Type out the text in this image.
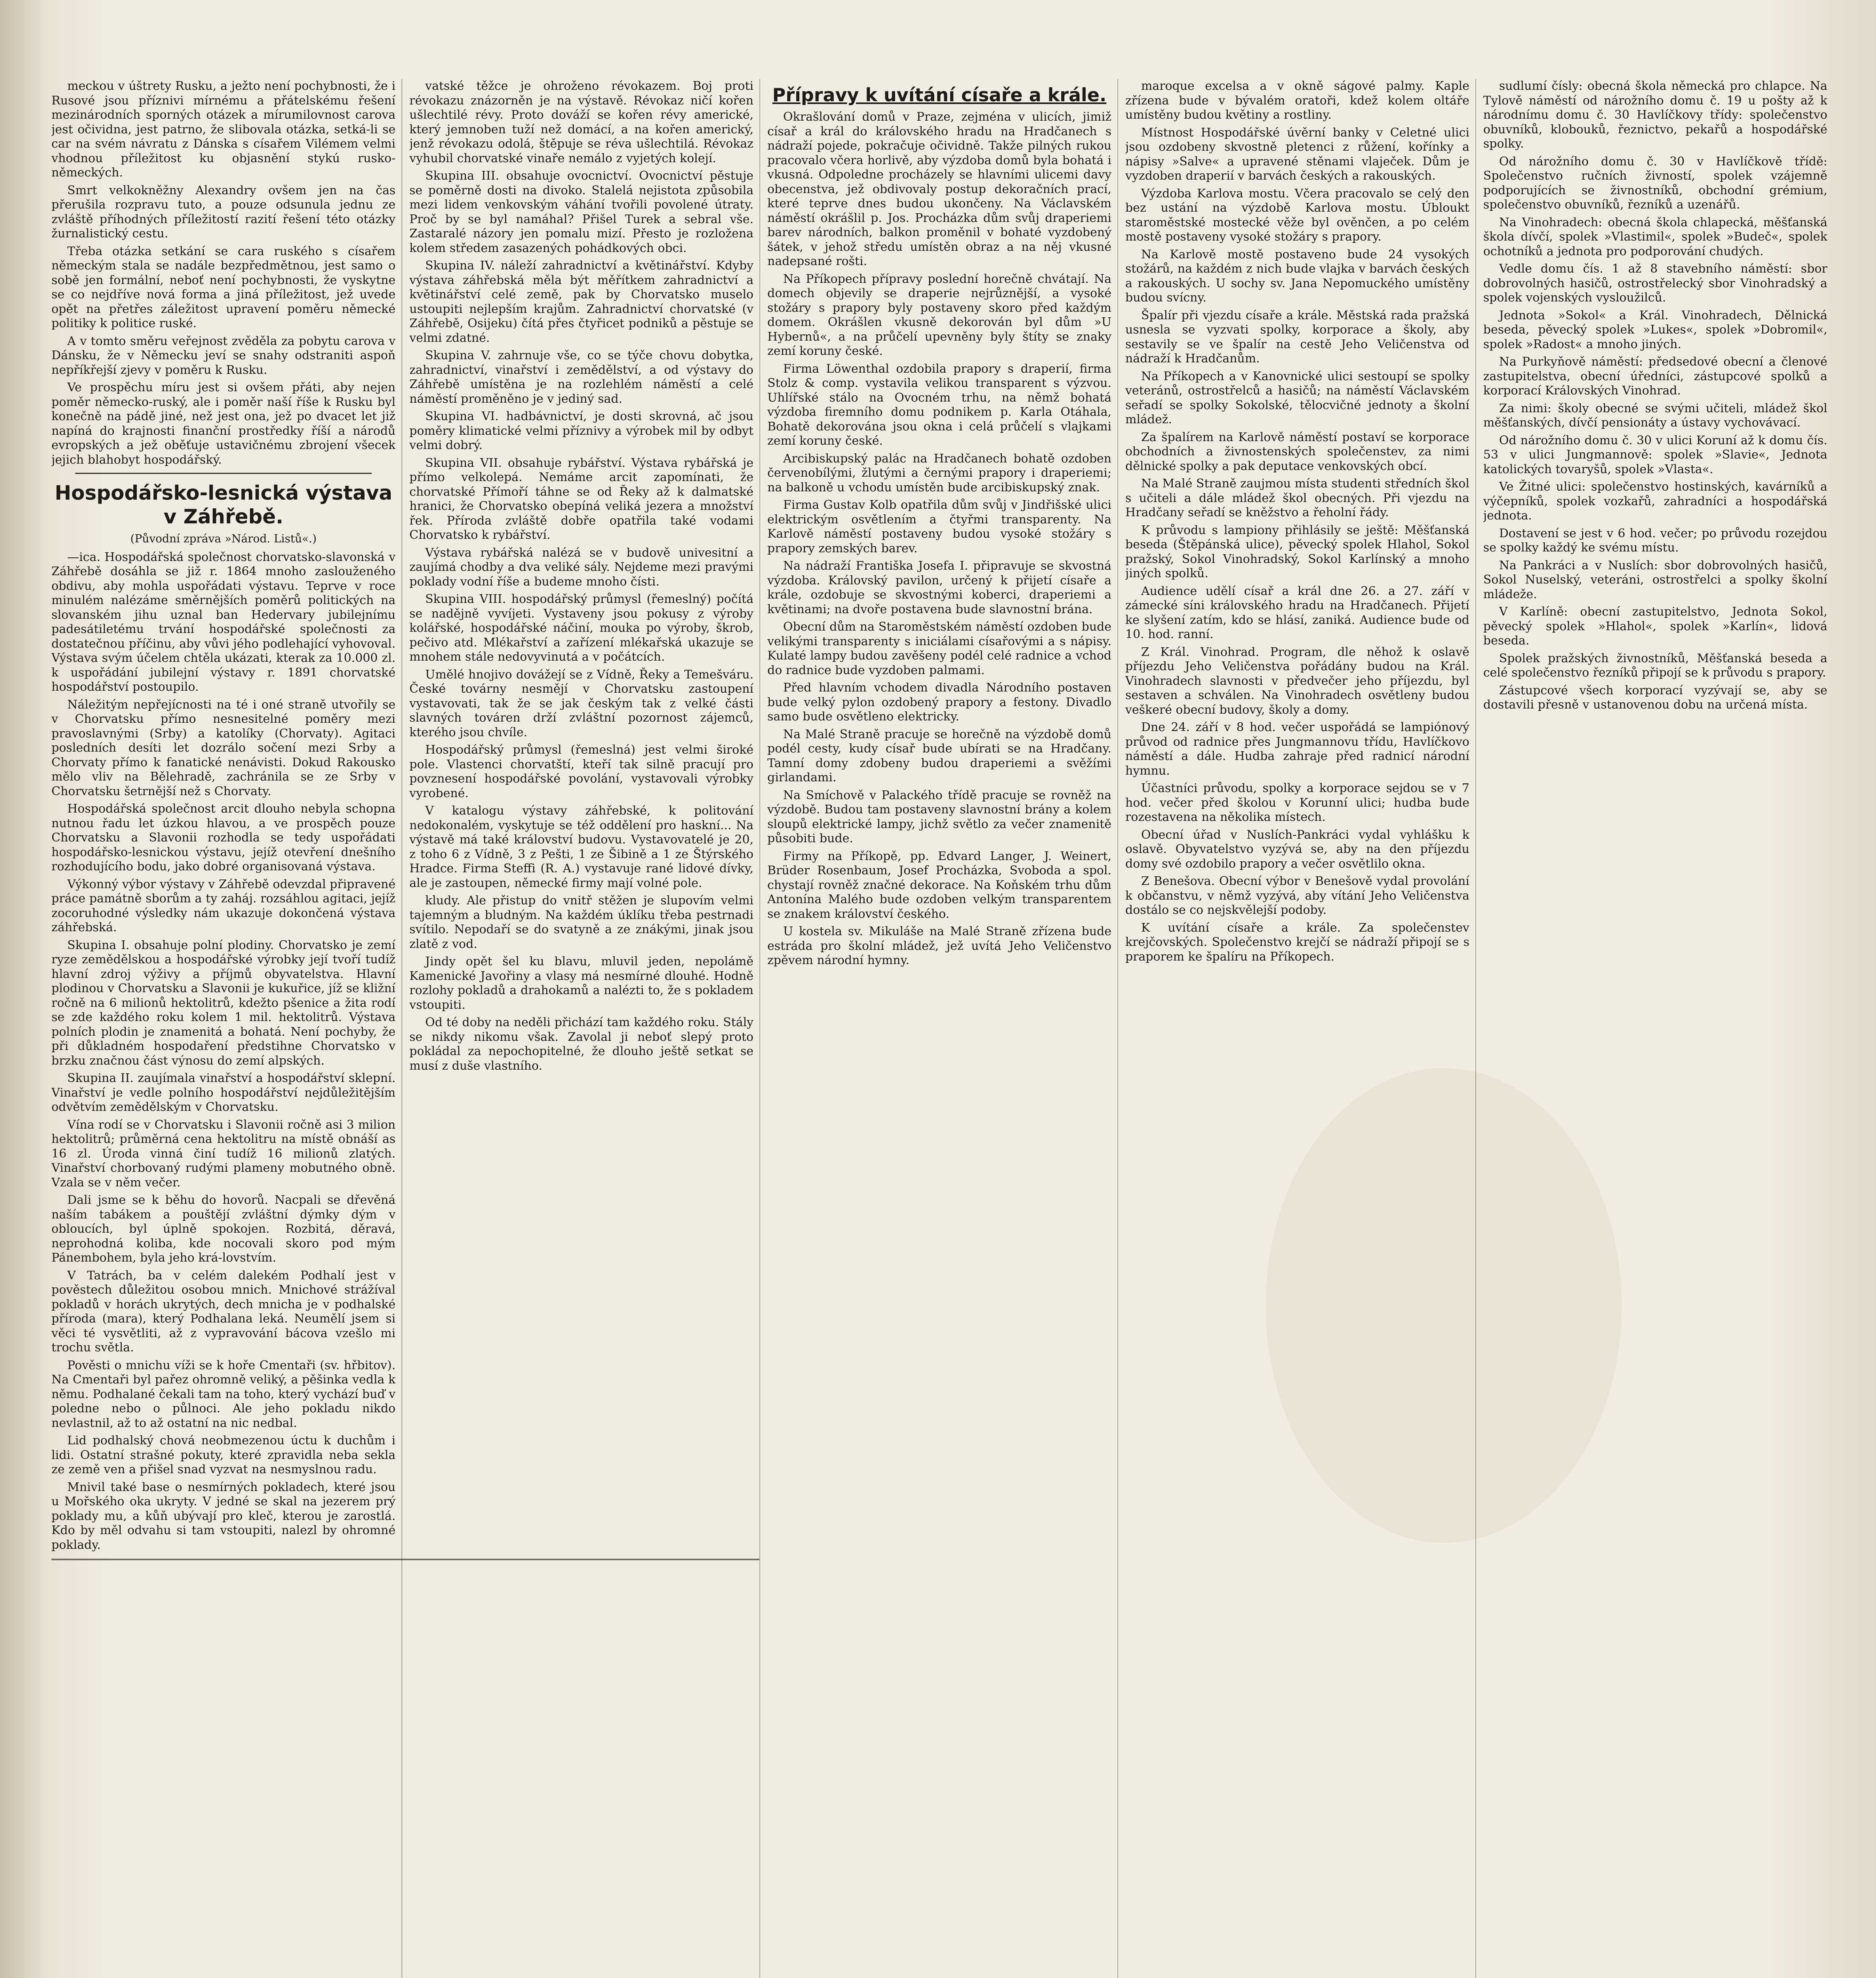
meckou v úštrety Rusku, a ježto není pochybnosti, že i Rusové jsou příznivi mírnému a přátelskému řešení mezinárodních sporných otázek a mírumilovnost carova jest očividna, jest patrno, že slibovala otázka, setká-li se car na svém návratu z Dánska s císařem Vilémem velmi vhodnou příležitost ku objasnění stykú rusko-německých.

Smrt velkokněžny Alexandry ovšem jen na čas přerušila rozpravu tuto, a pouze odsunula jednu ze zvláště příhodných příležitostí razití řešení této otázky žurnalistický cestu.

Třeba otázka setkání se cara ruského s císařem německým stala se nadále bezpředmětnou, jest samo o sobě jen formální, neboť není pochybnosti, že vyskytne se co nejdříve nová forma a jiná příležitost, jež uvede opět na přetřes záležitost upravení poměru německé politiky k politice ruské.

A v tomto směru veřejnost zvěděla za pobytu carova v Dánsku, že v Německu jeví se snahy odstraniti aspoň nepříkřejší zjevy v poměru k Rusku.

Ve prospěchu míru jest si ovšem přáti, aby nejen poměr německo-ruský, ale i poměr naší říše k Rusku byl konečně na pádě jiné, než jest ona, jež po dvacet let již napíná do krajnosti finanční prostředky říší a národů evropských a jež oběťuje ustavičnému zbrojení všecek jejich blahobyt hospodářský.

Hospodářsko-lesnická výstava v Záhřebě.
(Původní zpráva »Národ. Listů«.)

—ica. Hospodářská společnost chorvatsko-slavonská v Záhřebě dosáhla se již r. 1864 mnoho zaslouženého obdivu, aby mohla uspořádati výstavu. Teprve v roce minulém nalézáme směrnějších poměrů politických na slovanském jihu uznal ban Hedervary jubilejnímu padesátiletému trvání hospodářské společnosti za dostatečnou příčinu, aby vůvi jého podlehající vyhovoval. Výstava svým účelem chtěla ukázati, kterak za 10.000 zl. k uspořádání jubilejní výstavy r. 1891 chorvatské hospodářství postoupilo.

Náležitým nepřejícnosti na té i oné straně utvořily se v Chorvatsku přímo nesnesitelné poměry mezi pravoslavnými (Srby) a katolíky (Chorvaty). Agitaci posledních desíti let dozrálo sočení mezi Srby a Chorvaty přímo k fanatické nenávisti. Dokud Rakousko mělo vliv na Bělehradě, zachránila se ze Srby v Chorvatsku šetrnější než s Chorvaty.

Hospodářská společnost arcit dlouho nebyla schopna nutnou řadu let úzkou hlavou, a ve prospěch pouze Chorvatsku a Slavonii rozhodla se tedy uspořádati hospodářsko-lesnickou výstavu, jejíž otevření dnešního rozhodujícího bodu, jako dobré organisovaná výstava.

Výkonný výbor výstavy v Záhřebě odevzdal připravené práce památně sborům a ty zaháj. rozsáhlou agitaci, jejíž zocoruhodné výsledky nám ukazuje dokončená výstava záhřebská.

Skupina I. obsahuje polní plodiny. Chorvatsko je zemí ryze zemědělskou a hospodářské výrobky její tvoří tudíž hlavní zdroj výživy a příjmů obyvatelstva. Hlavní plodinou v Chorvatsku a Slavonii je kukuřice, jíž se kližní ročně na 6 milionů hektolitrů, kdežto pšenice a žita rodí se zde každého roku kolem 1 mil. hektolitrů. Výstava polních plodin je znamenitá a bohatá. Není pochyby, že při důkladném hospodaření předstihne Chorvatsko v brzku značnou část výnosu do zemí alpských.

Skupina II. zaujímala vinařství a hospodářství sklepní. Vinařství je vedle polního hospodářství nejdůležitějším odvětvím zemědělským v Chorvatsku.

Vína rodí se v Chorvatsku i Slavonii ročně asi 3 milion hektolitrů; průměrná cena hektolitru na místě obnáší as 16 zl. Úroda vinná činí tudíž 16 milionů zlatých. Vinařství chorbovaný rudými plameny mobutného obně. Vzala se v něm večer.

Dali jsme se k běhu do hovorů. Nacpali se dřevěná naším tabákem a pouštějí zvláštní dýmky dým v obloucích, byl úplně spokojen. Rozbitá, děravá, neprohodná koliba, kde nocovali skoro pod mým Pánembohem, byla jeho krá-lovstvím.

V Tatrách, ba v celém dalekém Podhalí jest v pověstech důležitou osobou mnich. Mnichové strážíval pokladů v horách ukrytých, dech mnicha je v podhalské příroda (mara), který Podhalana leká. Neumělí jsem si věci té vysvětliti, až z vypravování bácova vzešlo mi trochu světla.

Pověsti o mnichu víži se k hoře Cmentaři (sv. hřbitov). Na Cmentaři byl pařez ohromně veliký, a pěšinka vedla k němu. Podhalané čekali tam na toho, který vychází buď v poledne nebo o půlnoci. Ale jeho pokladu nikdo nevlastnil, až to až ostatní na nic nedbal.

Lid podhalský chová neobmezenou úctu k duchům i lidi. Ostatní strašné pokuty, které zpravidla neba sekla ze země ven a přišel snad vyzvat na nesmyslnou radu.

Mnivil také base o nesmírných pokladech, které jsou u Mořského oka ukryty. V jedné se skal na jezerem prý poklady mu, a kůň ubývají pro kleč, kterou je zarostlá. Kdo by měl odvahu si tam vstoupiti, nalezl by ohromné poklady.

vatské těžce je ohroženo révokazem. Boj proti révokazu znázorněn je na výstavě. Révokaz ničí kořen ušlechtilé révy. Proto dováží se kořen révy americké, který jemnoben tuží než domácí, a na kořen americký, jenž révokazu odolá, štěpuje se réva ušlechtilá. Révokaz vyhubil chorvatské vinaře nemálo z vyjetých kolejí.

Skupina III. obsahuje ovocnictví. Ovocnictví pěstuje se poměrně dosti na divoko. Stalelá nejistota způsobila mezi lidem venkovským váhání tvořili povolené útraty. Proč by se byl namáhal? Přišel Turek a sebral vše. Zastaralé názory jen pomalu mizí. Přesto je rozložena kolem středem zasazených pohádkových obci.

Skupina IV. náleží zahradnictví a květinářství. Kdyby výstava záhřebská měla být měřítkem zahradnictví a květinářství celé země, pak by Chorvatsko muselo ustoupiti nejlepším krajům. Zahradnictví chorvatské (v Záhřebě, Osijeku) čítá přes čtyřicet podniků a pěstuje se velmi zdatné.

Skupina V. zahrnuje vše, co se týče chovu dobytka, zahradnictví, vinařství i zemědělství, a od výstavy do Záhřebě umístěna je na rozlehlém náměstí a celé náměstí proměněno je v jediný sad.

Skupina VI. hadbávnictví, je dosti skrovná, ač jsou poměry klimatické velmi příznivy a výrobek mil by odbyt velmi dobrý.

Skupina VII. obsahuje rybářství. Výstava rybářská je přímo velkolepá. Nemáme arcit zapomínati, že chorvatské Přímoří táhne se od Řeky až k dalmatské hranici, že Chorvatsko obepíná veliká jezera a množství řek. Příroda zvláště dobře opatřila také vodami Chorvatsko k rybářství.

Výstava rybářská nalézá se v budově univesitní a zaujímá chodby a dva veliké sály. Nejdeme mezi pravými poklady vodní říše a budeme mnoho čísti.

Skupina VIII. hospodářský průmysl (řemeslný) počítá se nadějně vyvíjeti. Vystaveny jsou pokusy z výroby kolářské, hospodářské náčiní, mouka po výroby, škrob, pečivo atd. Mlékařství a zařízení mlékařská ukazuje se mnohem stále nedovyvinutá a v počátcích.

Umělé hnojivo dovážejí se z Vídně, Řeky a Temešváru. České továrny nesmějí v Chorvatsku zastoupení vystavovati, tak že se jak českým tak z velké části slavných továren drží zvláštní pozornost zájemců, kterého jsou chvíle.

Hospodářský průmysl (řemeslná) jest velmi široké pole. Vlastenci chorvatští, kteří tak silně pracují pro povznesení hospodářské povolání, vystavovali výrobky vyrobené.

V katalogu výstavy záhřebské, k politování nedokonalém, vyskytuje se též oddělení pro haskní... Na výstavě má také království budovu. Vystavovatelé je 20, z toho 6 z Vídně, 3 z Pešti, 1 ze Šibině a 1 ze Štýrského Hradce. Firma Steffi (R. A.) vystavuje rané lidové dívky, ale je zastoupen, německé firmy mají volné pole.

kludy. Ale přistup do vnitř stěžen je slupovím velmi tajemným a bludným. Na každém úklíku třeba pestrnadi svítilo. Nepodaří se do svatyně a ze znákými, jinak jsou zlatě z vod.

Jindy opět šel ku blavu, mluvil jeden, nepolámě Kamenické Javořiny a vlasy má nesmírné dlouhé. Hodně rozlohy pokladů a drahokamů a nalézti to, že s pokladem vstoupiti.

Od té doby na neděli přichází tam každého roku. Stály se nikdy nikomu však. Zavolal ji neboť slepý proto pokládal za nepochopitelné, že dlouho ještě setkat se musí z duše vlastního.

Přípravy k uvítání císaře a krále.

Okrašlování domů v Praze, zejména v ulicích, jimiž císař a král do královského hradu na Hradčanech s nádraží pojede, pokračuje očividně. Takže pilných rukou pracovalo včera horlivě, aby výzdoba domů byla bohatá i vkusná. Odpoledne procházely se hlavními ulicemi davy obecenstva, jež obdivovaly postup dekoračních prací, které teprve dnes budou ukončeny. Na Václavském náměstí okrášlil p. Jos. Procházka dům svůj draperiemi barev národních, balkon proměnil v bohaté vyzdobený šátek, v jehož středu umístěn obraz a na něj vkusné nadepsané rošti.

Na Příkopech přípravy poslední horečně chvátají. Na domech objevily se draperie nejrůznější, a vysoké stožáry s prapory byly postaveny skoro před každým domem. Okrášlen vkusně dekorován byl dům »U Hybernů«, a na průčelí upevněny byly štíty se znaky zemí koruny české.

Firma Löwenthal ozdobila prapory s draperií, firma Stolz & comp. vystavila velikou transparent s výzvou. Uhlířské stálo na Ovocném trhu, na němž bohatá výzdoba firemního domu podnikem p. Karla Otáhala, Bohatě dekorována jsou okna i celá průčelí s vlajkami zemí koruny české.

Arcibiskupský palác na Hradčanech bohatě ozdoben červenobílými, žlutými a černými prapory i draperiemi; na balkoně u vchodu umístěn bude arcibiskupský znak.

Firma Gustav Kolb opatřila dům svůj v Jindřišské ulici elektrickým osvětlením a čtyřmi transparenty. Na Karlově náměstí postaveny budou vysoké stožáry s prapory zemských barev.

Na nádraží Františka Josefa I. připravuje se skvostná výzdoba. Královský pavilon, určený k přijetí císaře a krále, ozdobuje se skvostnými koberci, draperiemi a květinami; na dvoře postavena bude slavnostní brána.

Obecní dům na Staroměstském náměstí ozdoben bude velikými transparenty s iniciálami císařovými a s nápisy. Kulaté lampy budou zavěšeny podél celé radnice a vchod do radnice bude vyzdoben palmami.

Před hlavním vchodem divadla Národního postaven bude velký pylon ozdobený prapory a festony. Divadlo samo bude osvětleno elektricky.

Na Malé Straně pracuje se horečně na výzdobě domů podél cesty, kudy císař bude ubírati se na Hradčany. Tamní domy zdobeny budou draperiemi a svěžími girlandami.

Na Smíchově v Palackého třídě pracuje se rovněž na výzdobě. Budou tam postaveny slavnostní brány a kolem sloupů elektrické lampy, jichž světlo za večer znamenitě působiti bude.

Firmy na Příkopě, pp. Edvard Langer, J. Weinert, Brüder Rosenbaum, Josef Procházka, Svoboda a spol. chystají rovněž značné dekorace. Na Koňském trhu dům Antonína Malého bude ozdoben velkým transparentem se znakem království českého.

U kostela sv. Mikuláše na Malé Straně zřízena bude estráda pro školní mládež, jež uvítá Jeho Veličenstvo zpěvem národní hymny.

maroque excelsa a v okně ságové palmy. Kaple zřízena bude v bývalém oratoři, kdež kolem oltáře umístěny budou květiny a rostliny.

Místnost Hospodářské úvěrní banky v Celetné ulici jsou ozdobeny skvostně pletenci z růžení, kořínky a nápisy »Salve« a upravené stěnami vlaječek. Dům je vyzdoben draperií v barvách českých a rakouských.

Výzdoba Karlova mostu. Včera pracovalo se celý den bez ustání na výzdobě Karlova mostu. Úbloukt staroměstské mostecké věže byl ověnčen, a po celém mostě postaveny vysoké stožáry s prapory.

Na Karlově mostě postaveno bude 24 vysokých stožárů, na každém z nich bude vlajka v barvách českých a rakouských. U sochy sv. Jana Nepomuckého umístěny budou svícny.

Špalír při vjezdu císaře a krále. Městská rada pražská usnesla se vyzvati spolky, korporace a školy, aby sestavily se ve špalír na cestě Jeho Veličenstva od nádraží k Hradčanům.

Na Příkopech a v Kanovnické ulici sestoupí se spolky veteránů, ostrostřelců a hasičů; na náměstí Václavském seřadí se spolky Sokolské, tělocvičné jednoty a školní mládež.

Za špalírem na Karlově náměstí postaví se korporace obchodních a živnostenských společenstev, za nimi dělnické spolky a pak deputace venkovských obcí.

Na Malé Straně zaujmou místa studenti středních škol s učiteli a dále mládež škol obecných. Při vjezdu na Hradčany seřadí se kněžstvo a řeholní řády.

K průvodu s lampiony přihlásily se ještě: Měšťanská beseda (Štěpánská ulice), pěvecký spolek Hlahol, Sokol pražský, Sokol Vinohradský, Sokol Karlínský a mnoho jiných spolků.

Audience udělí císař a král dne 26. a 27. září v zámecké síni královského hradu na Hradčanech. Přijetí ke slyšení zatím, kdo se hlásí, zaniká. Audience bude od 10. hod. ranní.

Z Král. Vinohrad. Program, dle něhož k oslavě příjezdu Jeho Veličenstva pořádány budou na Král. Vinohradech slavnosti v předvečer jeho příjezdu, byl sestaven a schválen. Na Vinohradech osvětleny budou veškeré obecní budovy, školy a domy.

Dne 24. září v 8 hod. večer uspořádá se lampiónový průvod od radnice přes Jungmannovu třídu, Havlíčkovo náměstí a dále. Hudba zahraje před radnicí národní hymnu.

Účastníci průvodu, spolky a korporace sejdou se v 7 hod. večer před školou v Korunní ulici; hudba bude rozestavena na několika místech.

Obecní úřad v Nuslích-Pankráci vydal vyhlášku k oslavě. Obyvatelstvo vyzývá se, aby na den příjezdu domy své ozdobilo prapory a večer osvětlilo okna.

Z Benešova. Obecní výbor v Benešově vydal provolání k občanstvu, v němž vyzývá, aby vítání Jeho Veličenstva dostálo se co nejskvělejší podoby.

K uvítání císaře a krále. Za společenstev krejčovských. Společenstvo krejčí se nádraží připojí se s praporem ke špalíru na Příkopech.

sudlumí čísly: obecná škola německá pro chlapce. Na Tylově náměstí od nárožního domu č. 19 u pošty až k národnímu domu č. 30 Havlíčkovy třídy: společenstvo obuvníků, klobouků, řeznictvo, pekařů a hospodářské spolky.

Od nárožního domu č. 30 v Havlíčkově třídě: Společenstvo ručních živností, spolek vzájemně podporujících se živnostníků, obchodní grémium, společenstvo obuvníků, řezníků a uzenářů.

Na Vinohradech: obecná škola chlapecká, měšťanská škola dívčí, spolek »Vlastimil«, spolek »Budeč«, spolek ochotníků a jednota pro podporování chudých.

Vedle domu čís. 1 až 8 stavebního náměstí: sbor dobrovolných hasičů, ostrostřelecký sbor Vinohradský a spolek vojenských vysloužilců.

Jednota »Sokol« a Král. Vinohradech, Dělnická beseda, pěvecký spolek »Lukes«, spolek »Dobromil«, spolek »Radost« a mnoho jiných.

Na Purkyňově náměstí: předsedové obecní a členové zastupitelstva, obecní úředníci, zástupcové spolků a korporací Královských Vinohrad.

Za nimi: školy obecné se svými učiteli, mládež škol měšťanských, dívčí pensionáty a ústavy vychovávací.

Od nárožního domu č. 30 v ulici Koruní až k domu čís. 53 v ulici Jungmannově: spolek »Slavie«, Jednota katolických tovaryšů, spolek »Vlasta«.

Ve Žitné ulici: společenstvo hostinských, kavárníků a výčepníků, spolek vozkařů, zahradníci a hospodářská jednota.

Dostavení se jest v 6 hod. večer; po průvodu rozejdou se spolky každý ke svému místu.

Na Pankráci a v Nuslích: sbor dobrovolných hasičů, Sokol Nuselský, veteráni, ostrostřelci a spolky školní mládeže.

V Karlíně: obecní zastupitelstvo, Jednota Sokol, pěvecký spolek »Hlahol«, spolek »Karlín«, lidová beseda.

Spolek pražských živnostníků, Měšťanská beseda a celé společenstvo řezníků připojí se k průvodu s prapory.

Zástupcové všech korporací vyzývají se, aby se dostavili přesně v ustanovenou dobu na určená místa.
